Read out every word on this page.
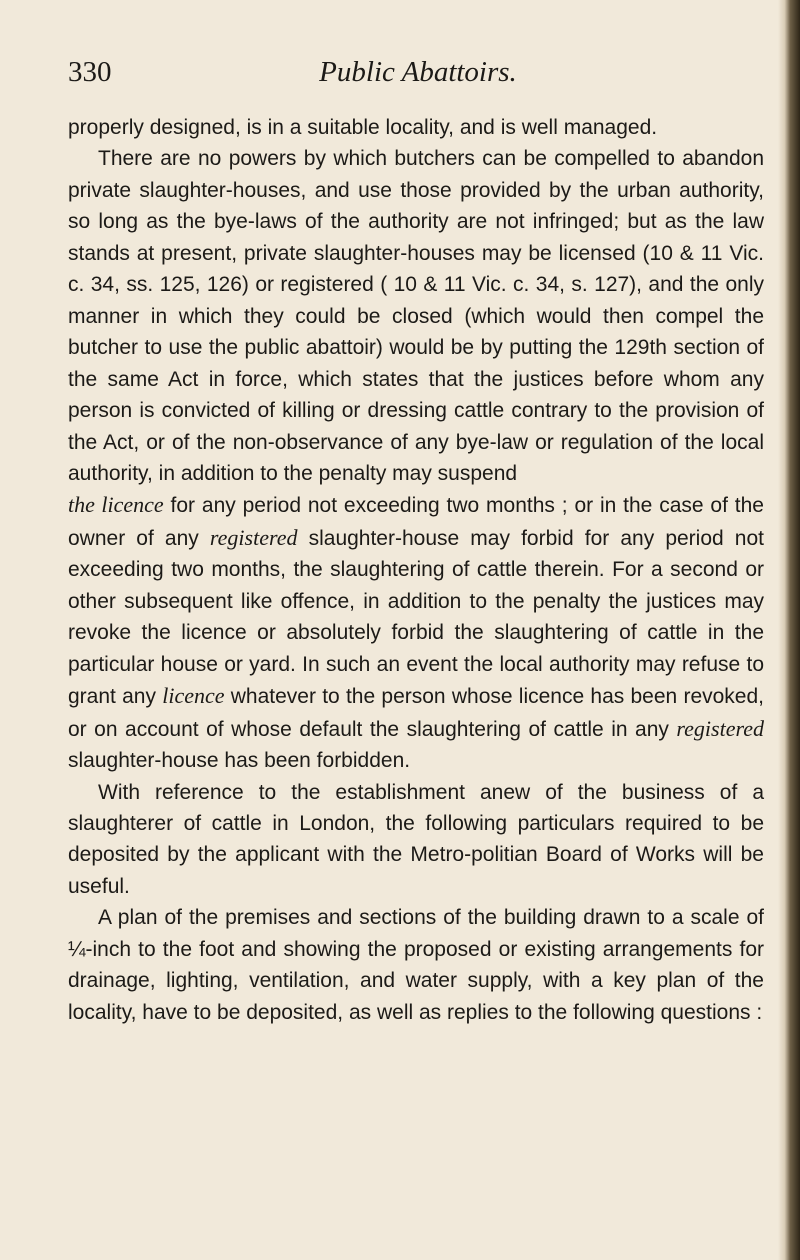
330	Public Abattoirs.

properly designed, is in a suitable locality, and is well managed.

There are no powers by which butchers can be compelled to abandon private slaughter-houses, and use those provided by the urban authority, so long as the bye-laws of the authority are not infringed; but as the law stands at present, private slaughter-houses may be licensed (10 & 11 Vic. c. 34, ss. 125, 126) or registered ( 10 & 11 Vic. c. 34, s. 127), and the only manner in which they could be closed (which would then compel the butcher to use the public abattoir) would be by putting the 129th section of the same Act in force, which states that the justices before whom any person is convicted of killing or dressing cattle contrary to the provision of the Act, or of the non-observance of any bye-law or regulation of the local authority, in addition to the penalty may suspend

the licence for any period not exceeding two months ; or in the case of the owner of any registered slaughter-house may forbid for any period not exceeding two months, the slaughtering of cattle therein. For a second or other subsequent like offence, in addition to the penalty the justices may revoke the licence or absolutely forbid the slaughtering of cattle in the particular house or yard. In such an event the local authority may refuse to grant any licence whatever to the person whose licence has been revoked, or on account of whose default the slaughtering of cattle in any registered slaughter-house has been forbidden.

With reference to the establishment anew of the business of a slaughterer of cattle in London, the following particulars required to be deposited by the applicant with the Metro-politian Board of Works will be useful.

A plan of the premises and sections of the building drawn to a scale of ¼-inch to the foot and showing the proposed or existing arrangements for drainage, lighting, ventilation, and water supply, with a key plan of the locality, have to be deposited, as well as replies to the following questions :
